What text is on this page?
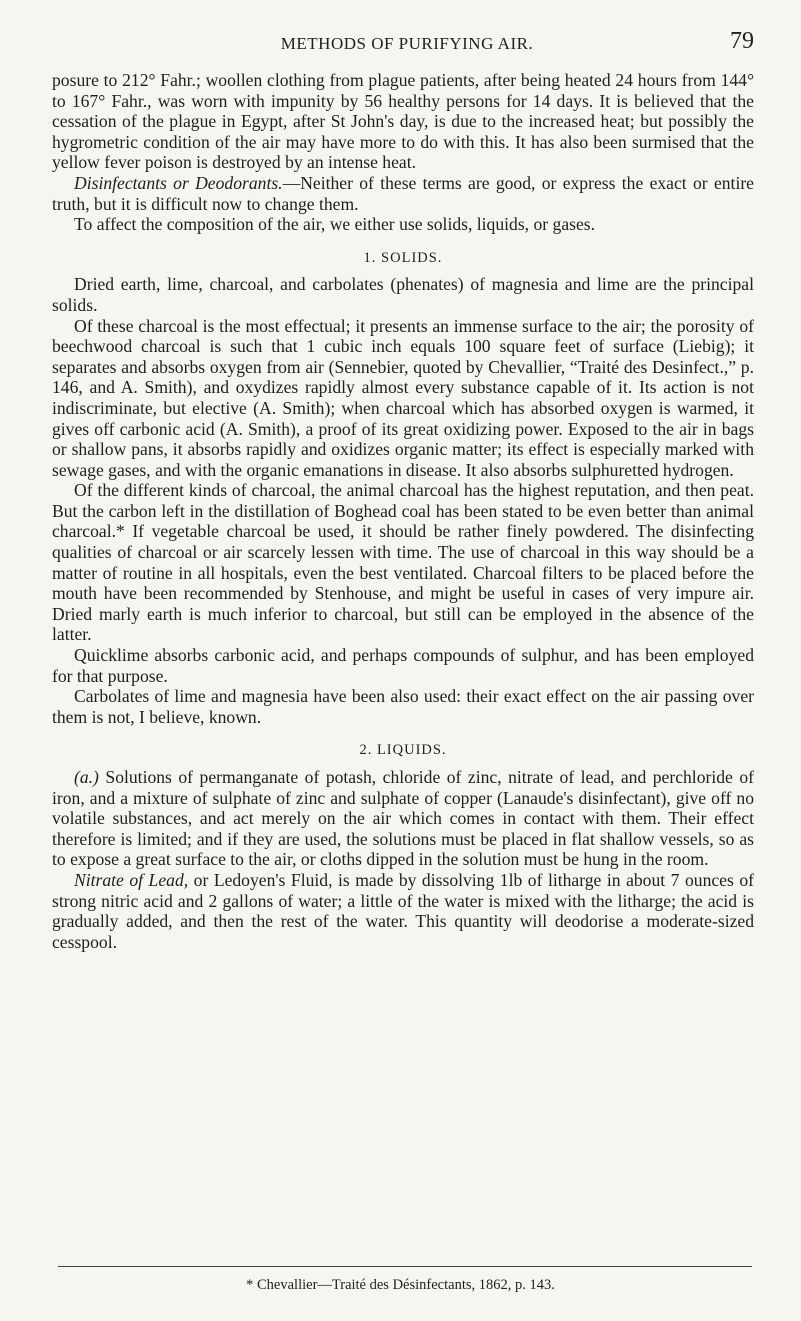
METHODS OF PURIFYING AIR.	79

posure to 212° Fahr.; woollen clothing from plague patients, after being heated 24 hours from 144° to 167° Fahr., was worn with impunity by 56 healthy persons for 14 days. It is believed that the cessation of the plague in Egypt, after St John's day, is due to the increased heat; but possibly the hygrometric condition of the air may have more to do with this. It has also been surmised that the yellow fever poison is destroyed by an intense heat.

Disinfectants or Deodorants.—Neither of these terms are good, or express the exact or entire truth, but it is difficult now to change them.

To affect the composition of the air, we either use solids, liquids, or gases.

1. SOLIDS.

Dried earth, lime, charcoal, and carbolates (phenates) of magnesia and lime are the principal solids.

Of these charcoal is the most effectual; it presents an immense surface to the air; the porosity of beechwood charcoal is such that 1 cubic inch equals 100 square feet of surface (Liebig); it separates and absorbs oxygen from air (Sennebier, quoted by Chevallier, “Traité des Desinfect.,” p. 146, and A. Smith), and oxydizes rapidly almost every substance capable of it. Its action is not indiscriminate, but elective (A. Smith); when charcoal which has absorbed oxygen is warmed, it gives off carbonic acid (A. Smith), a proof of its great oxidizing power. Exposed to the air in bags or shallow pans, it absorbs rapidly and oxidizes organic matter; its effect is especially marked with sewage gases, and with the organic emanations in disease. It also absorbs sulphuretted hydrogen.

Of the different kinds of charcoal, the animal charcoal has the highest reputation, and then peat. But the carbon left in the distillation of Boghead coal has been stated to be even better than animal charcoal.* If vegetable charcoal be used, it should be rather finely powdered. The disinfecting qualities of charcoal or air scarcely lessen with time. The use of charcoal in this way should be a matter of routine in all hospitals, even the best ventilated. Charcoal filters to be placed before the mouth have been recommended by Stenhouse, and might be useful in cases of very impure air. Dried marly earth is much inferior to charcoal, but still can be employed in the absence of the latter.

Quicklime absorbs carbonic acid, and perhaps compounds of sulphur, and has been employed for that purpose.

Carbolates of lime and magnesia have been also used: their exact effect on the air passing over them is not, I believe, known.

2. LIQUIDS.

(a.) Solutions of permanganate of potash, chloride of zinc, nitrate of lead, and perchloride of iron, and a mixture of sulphate of zinc and sulphate of copper (Lanaude's disinfectant), give off no volatile substances, and act merely on the air which comes in contact with them. Their effect therefore is limited; and if they are used, the solutions must be placed in flat shallow vessels, so as to expose a great surface to the air, or cloths dipped in the solution must be hung in the room.

Nitrate of Lead, or Ledoyen's Fluid, is made by dissolving 1lb of litharge in about 7 ounces of strong nitric acid and 2 gallons of water; a little of the water is mixed with the litharge; the acid is gradually added, and then the rest of the water. This quantity will deodorise a moderate-sized cesspool.

* Chevallier—Traité des Désinfectants, 1862, p. 143.
